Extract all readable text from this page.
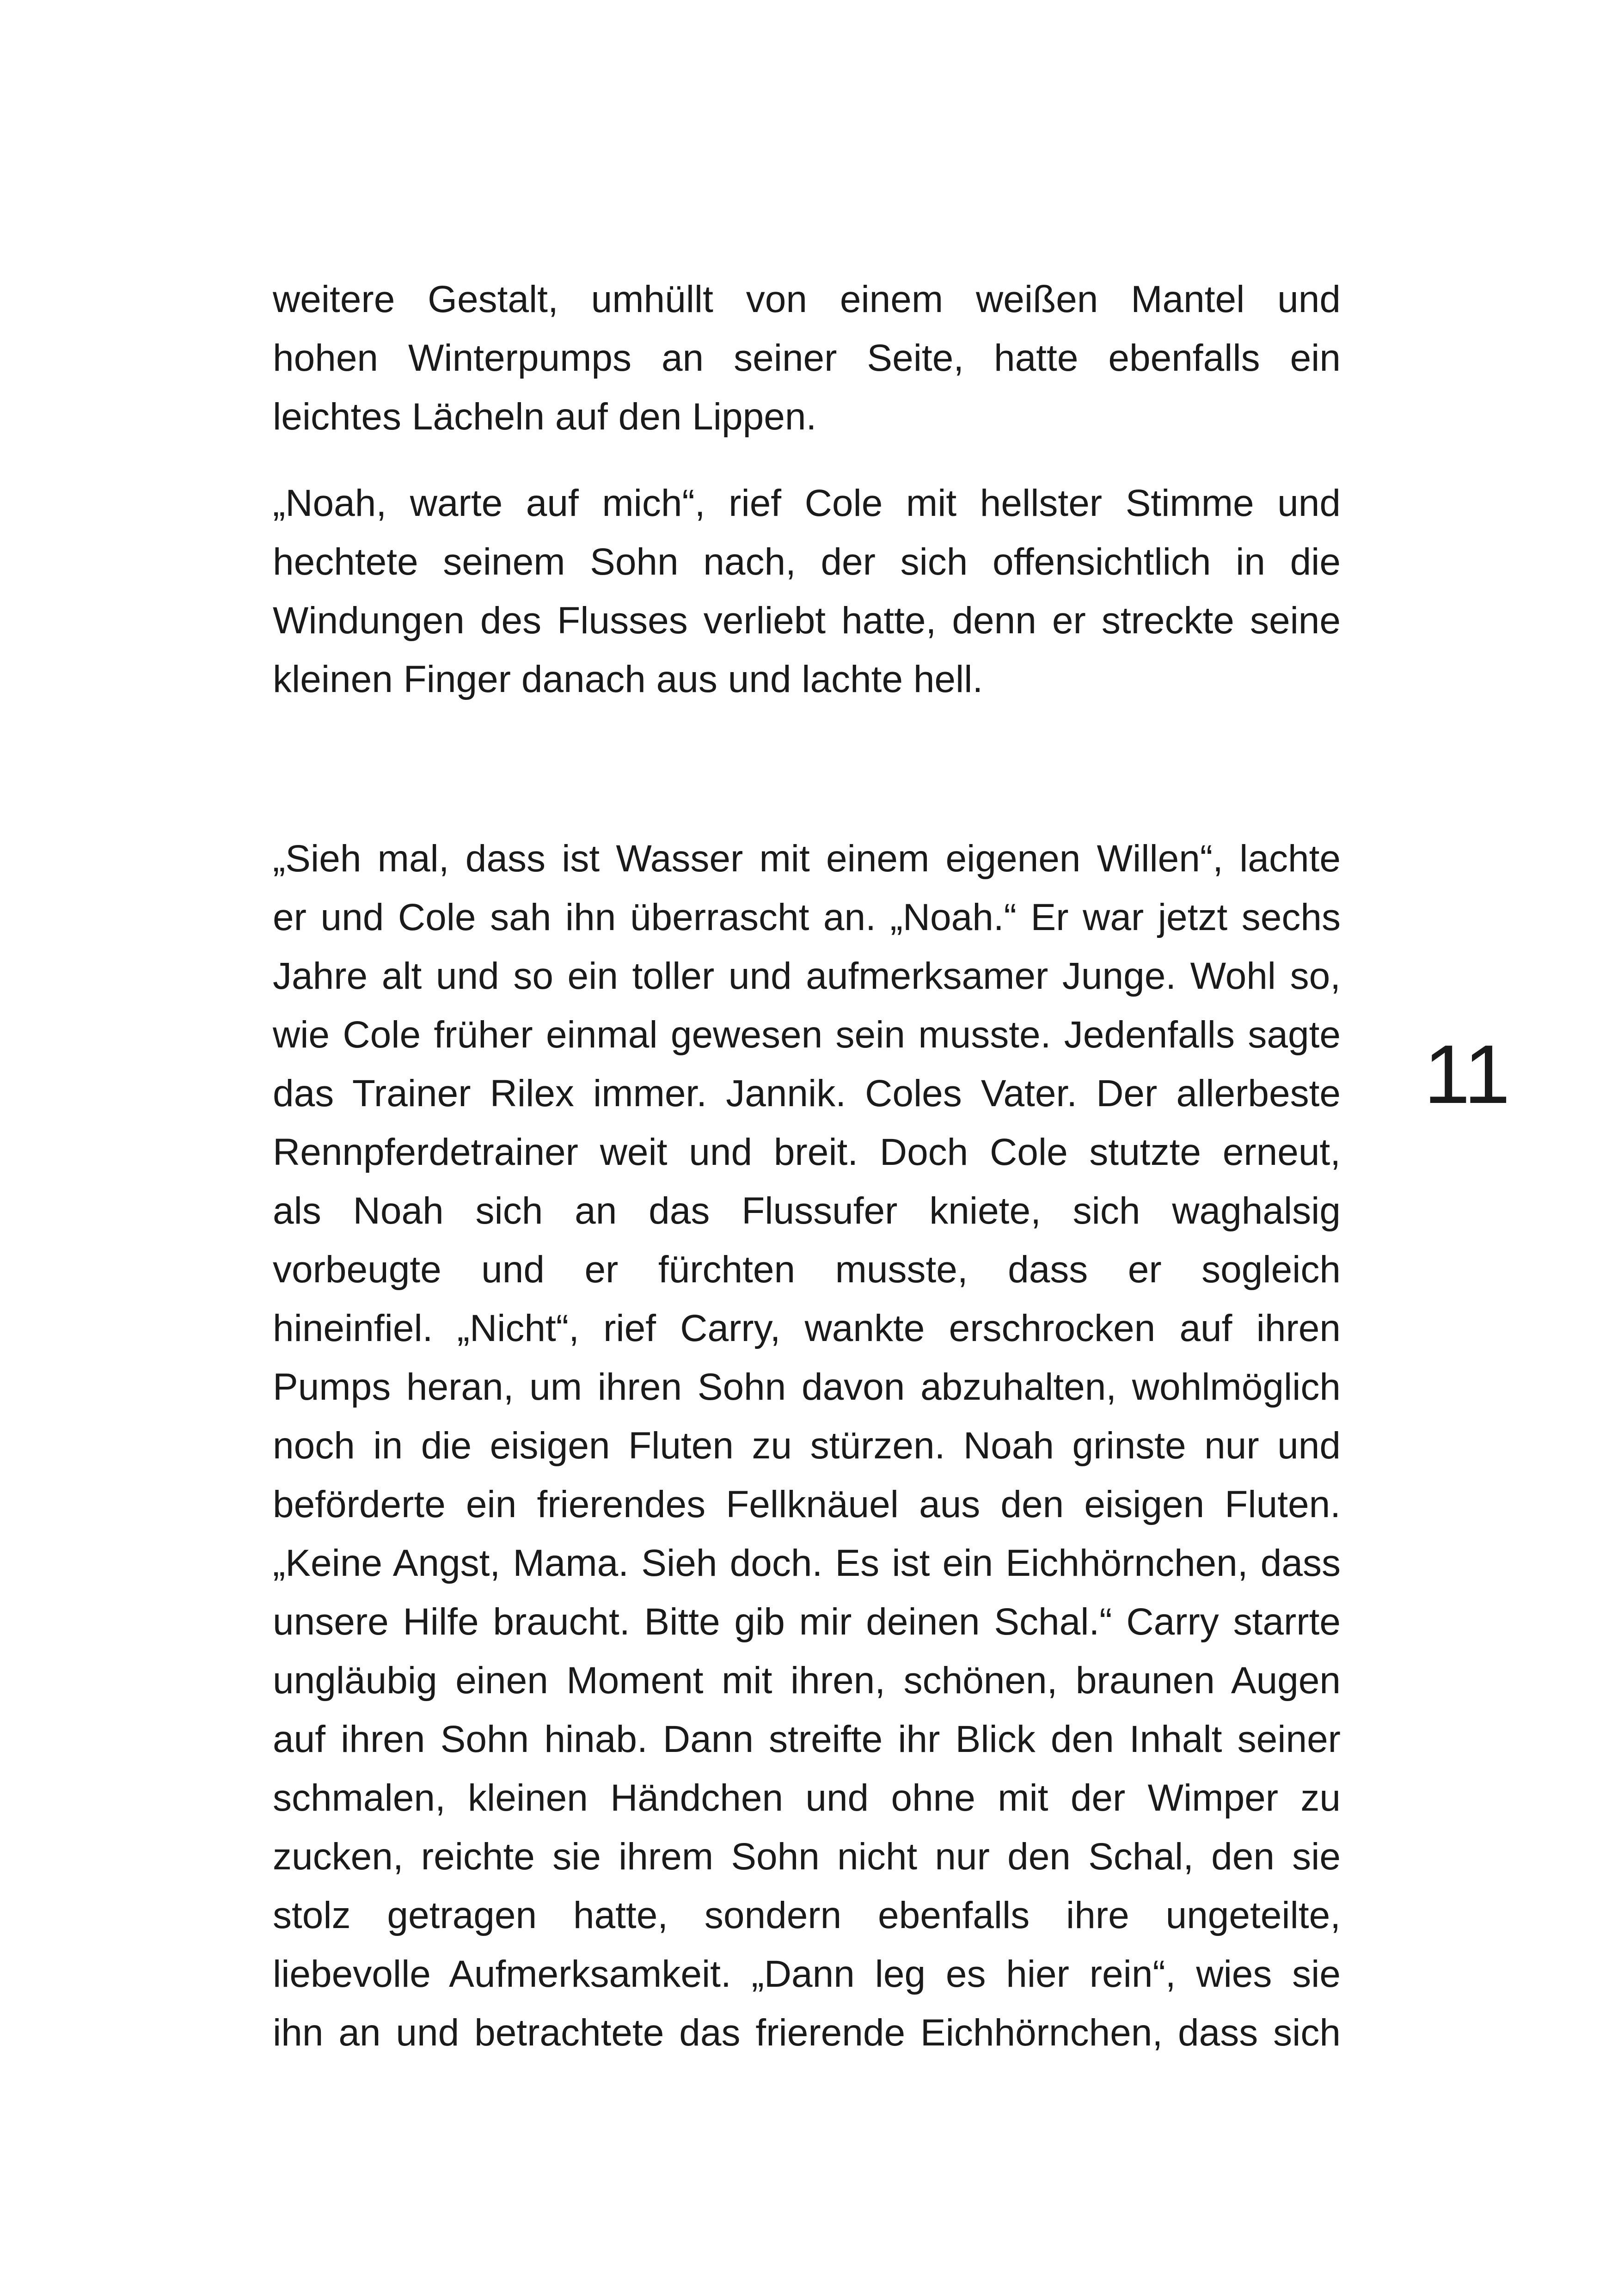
weitere Gestalt, umhüllt von einem weißen Mantel und
hohen Winterpumps an seiner Seite, hatte ebenfalls ein
leichtes Lächeln auf den Lippen.

„Noah, warte auf mich“, rief Cole mit hellster Stimme und
hechtete seinem Sohn nach, der sich offensichtlich in die
Windungen des Flusses verliebt hatte, denn er streckte seine
kleinen Finger danach aus und lachte hell.

„Sieh mal, dass ist Wasser mit einem eigenen Willen“, lachte
er und Cole sah ihn überrascht an. „Noah.“ Er war jetzt sechs
Jahre alt und so ein toller und aufmerksamer Junge. Wohl so,
wie Cole früher einmal gewesen sein musste. Jedenfalls sagte
das Trainer Rilex immer. Jannik. Coles Vater. Der allerbeste
Rennpferdetrainer weit und breit. Doch Cole stutzte erneut,
als Noah sich an das Flussufer kniete, sich waghalsig
vorbeugte und er fürchten musste, dass er sogleich
hineinfiel. „Nicht“, rief Carry, wankte erschrocken auf ihren
Pumps heran, um ihren Sohn davon abzuhalten, wohlmöglich
noch in die eisigen Fluten zu stürzen. Noah grinste nur und
beförderte ein frierendes Fellknäuel aus den eisigen Fluten.
„Keine Angst, Mama. Sieh doch. Es ist ein Eichhörnchen, dass
unsere Hilfe braucht. Bitte gib mir deinen Schal.“ Carry starrte
ungläubig einen Moment mit ihren, schönen, braunen Augen
auf ihren Sohn hinab. Dann streifte ihr Blick den Inhalt seiner
schmalen, kleinen Händchen und ohne mit der Wimper zu
zucken, reichte sie ihrem Sohn nicht nur den Schal, den sie
stolz getragen hatte, sondern ebenfalls ihre ungeteilte,
liebevolle Aufmerksamkeit. „Dann leg es hier rein“, wies sie
ihn an und betrachtete das frierende Eichhörnchen, dass sich

11
